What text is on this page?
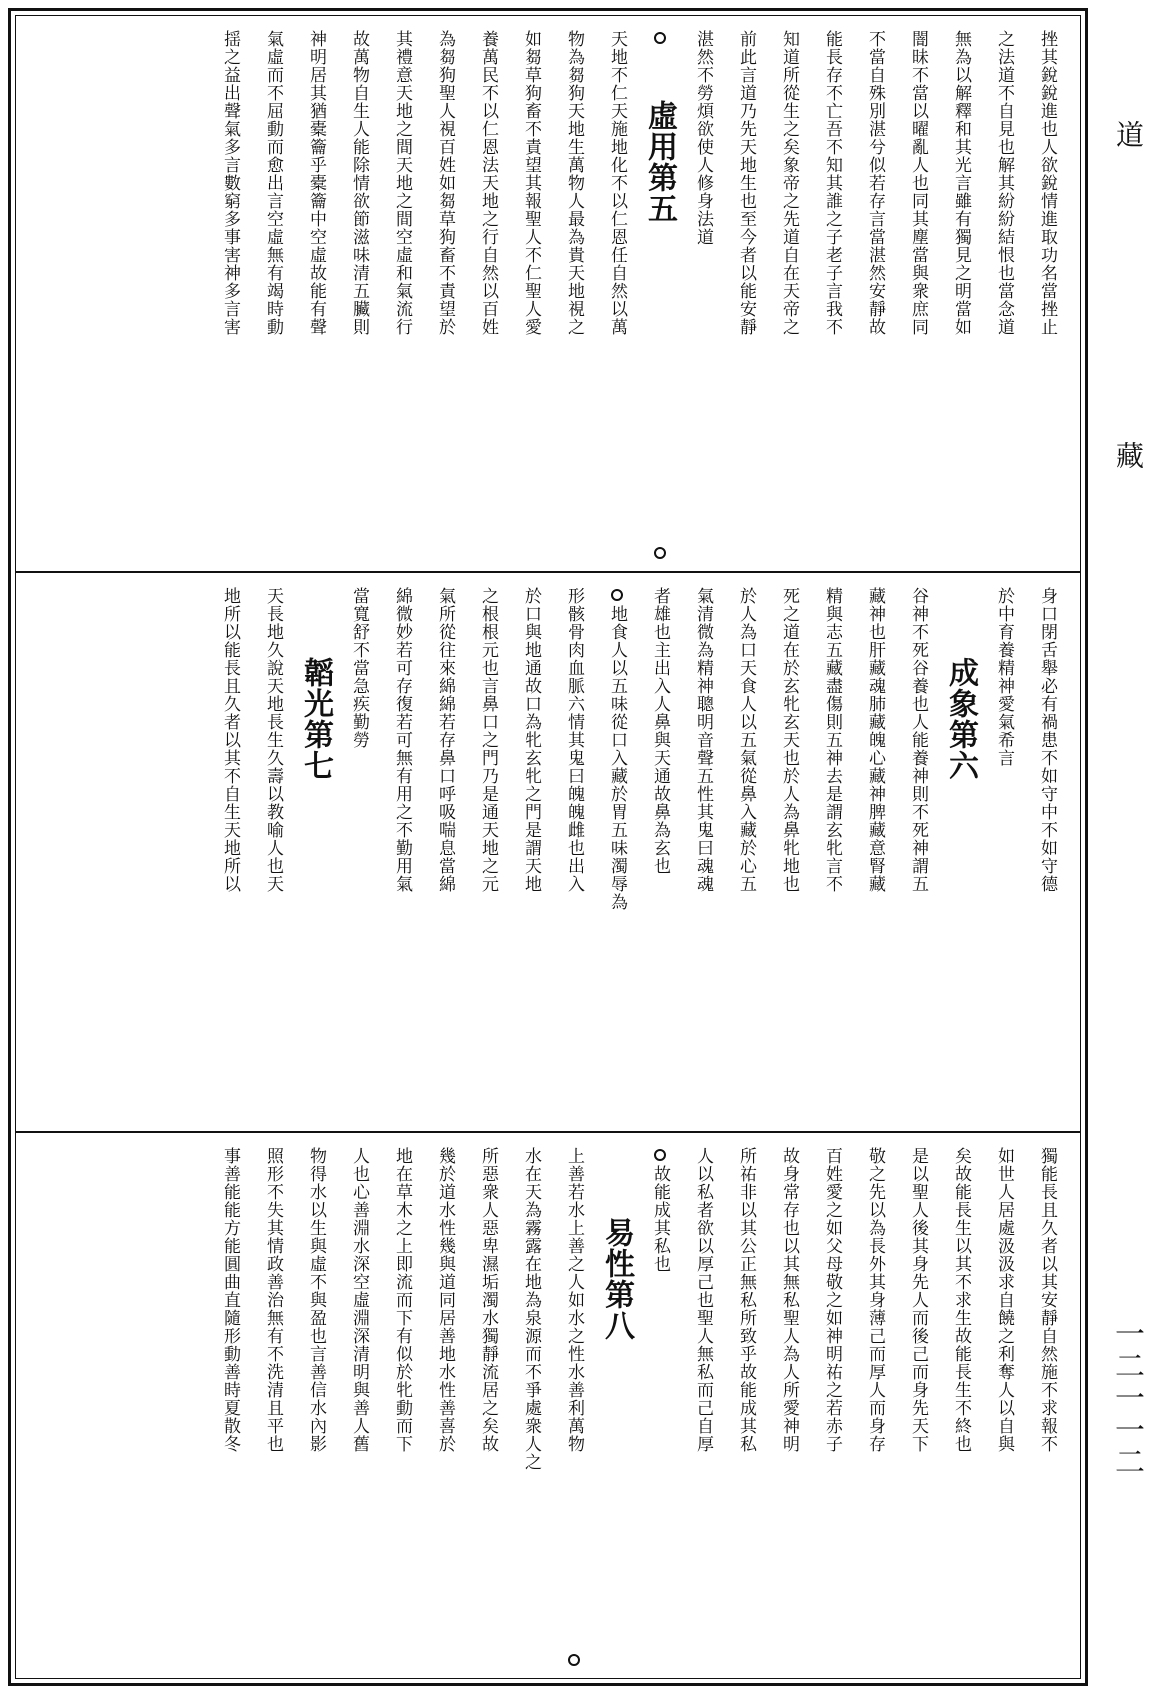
道 藏
一二一一二
挫其銳銳進也人欲銳情進取功名當挫止
之法道不自見也解其紛紛結恨也當念道
無為以解釋和其光言雖有獨見之明當如
闇昧不當以曜亂人也同其塵當與衆庶同
不當自殊別湛兮似若存言當湛然安靜故
能長存不亡吾不知其誰之子老子言我不
知道所從生之矣象帝之先道自在天帝之
前此言道乃先天地生也至今者以能安靜
湛然不勞煩欲使人修身法道
虛用第五
天地不仁天施地化不以仁恩任自然以萬
物為芻狗天地生萬物人最為貴天地視之
如芻草狗畜不責望其報聖人不仁聖人愛
養萬民不以仁恩法天地之行自然以百姓
為芻狗聖人視百姓如芻草狗畜不責望於
其禮意天地之間天地之間空虛和氣流行
故萬物自生人能除情欲節滋味清五臟則
神明居其猶橐籥乎橐籥中空虛故能有聲
氣虛而不屈動而愈出言空虛無有竭時動
揺之益出聲氣多言數窮多事害神多言害
身口閉舌舉必有禍患不如守中不如守德
於中育養精神愛氣希言
成象第六
谷神不死谷養也人能養神則不死神謂五
藏神也肝藏魂肺藏魄心藏神脾藏意腎藏
精與志五藏盡傷則五神去是謂玄牝言不
死之道在於玄牝玄天也於人為鼻牝地也
於人為口天食人以五氣從鼻入藏於心五
氣清微為精神聰明音聲五性其鬼曰魂魂
者雄也主出入人鼻與天通故鼻為玄也
地食人以五味從口入藏於胃五味濁辱為
形骸骨肉血脈六情其鬼曰魄魄雌也出入
於口與地通故口為牝玄牝之門是謂天地
之根根元也言鼻口之門乃是通天地之元
氣所從往來綿綿若存鼻口呼吸喘息當綿
綿微妙若可存復若可無有用之不勤用氣
當寬舒不當急疾勤勞
韜光第七
天長地久說天地長生久壽以教喻人也天
地所以能長且久者以其不自生天地所以
獨能長且久者以其安靜自然施不求報不
如世人居處汲汲求自饒之利奪人以自與
矣故能長生以其不求生故能長生不終也
是以聖人後其身先人而後己而身先天下
敬之先以為長外其身薄己而厚人而身存
百姓愛之如父母敬之如神明祐之若赤子
故身常存也以其無私聖人為人所愛神明
所祐非以其公正無私所致乎故能成其私
人以私者欲以厚己也聖人無私而己自厚
故能成其私也
易性第八
上善若水上善之人如水之性水善利萬物
水在天為霧露在地為泉源而不爭處衆人之
所惡衆人惡卑濕垢濁水獨靜流居之矣故
幾於道水性幾與道同居善地水性善喜於
地在草木之上即流而下有似於牝動而下
人也心善淵水深空虛淵深清明與善人舊
物得水以生與虛不與盈也言善信水內影
照形不失其情政善治無有不洗清且平也
事善能能方能圓曲直隨形動善時夏散冬
